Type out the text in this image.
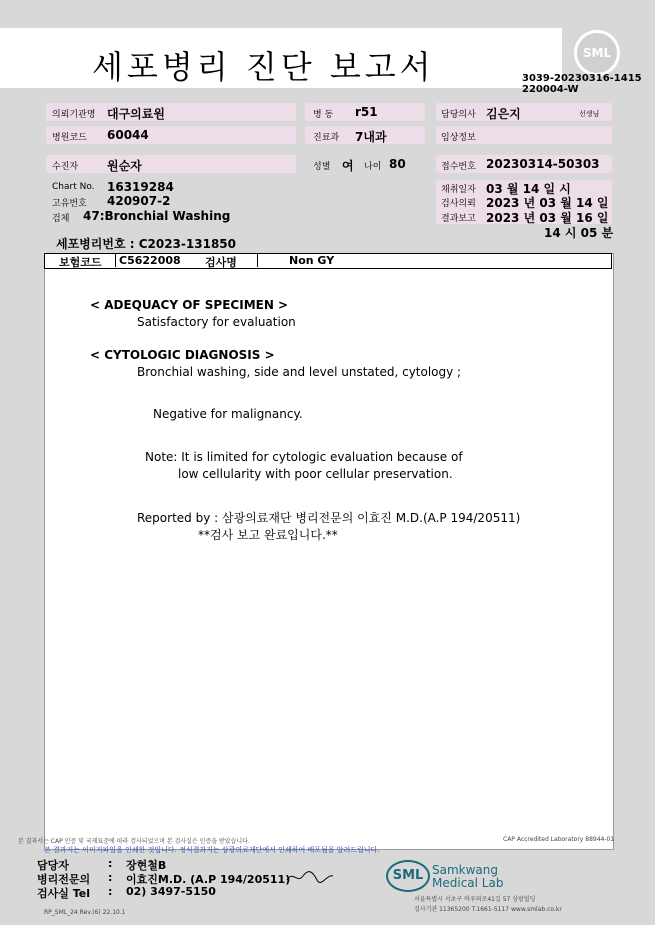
세포병리 진단 보고서	SML
3039-20230316-1415
220004-W
의뢰기관명 대구의료원	병 동 r51	담당의사 김은지	선생님
병원코드 60044	진료과 7내과	임상정보
수진자 원순자	성별 여 나이 80	접수번호 20230314-50303
Chart No. 16319284
고유번호 420907-2
검체 47:Bronchial Washing
채취일자 03 월 14 일 시
검사의뢰 2023 년 03 월 14 일
결과보고 2023 년 03 월 16 일
14 시 05 분
세포병리번호 : C2023-131850
보험코드 C5622008 검사명	Non GY
< ADEQUACY OF SPECIMEN >
Satisfactory for evaluation
< CYTOLOGIC DIAGNOSIS >
Bronchial washing, side and level unstated, cytology ;
Negative for malignancy.
Note: It is limited for cytologic evaluation because of
low cellularity with poor cellular preservation.
Reported by : 삼광의료재단 병리전문의 이효진 M.D.(A.P 194/20511)
**검사 보고 완료입니다.**
본 결과서는 CAP 인증 및 국제표준에 따라 검사되었으며 본 검사실은 인증을 받았습니다.	CAP Accredited Laboratory 88944-01
본 결과지는 이미지파일을 인쇄한 것입니다. 정식결과지는 삼광의료재단에서 인쇄하여 배포됨을 알려드립니다.
담당자	: 장현철B
병리전문의 : 이효진M.D. (A.P 194/20511)
검사실 Tel : 02) 3497-5150
SML Samkwang
Medical Lab
서울특별시 서초구 바우뫼로41길 57 삼광빌딩
검사기관 11365200 T.1661-5117 www.smlab.co.kr
RP_SML_24 Rev.(6) 22.10.1
